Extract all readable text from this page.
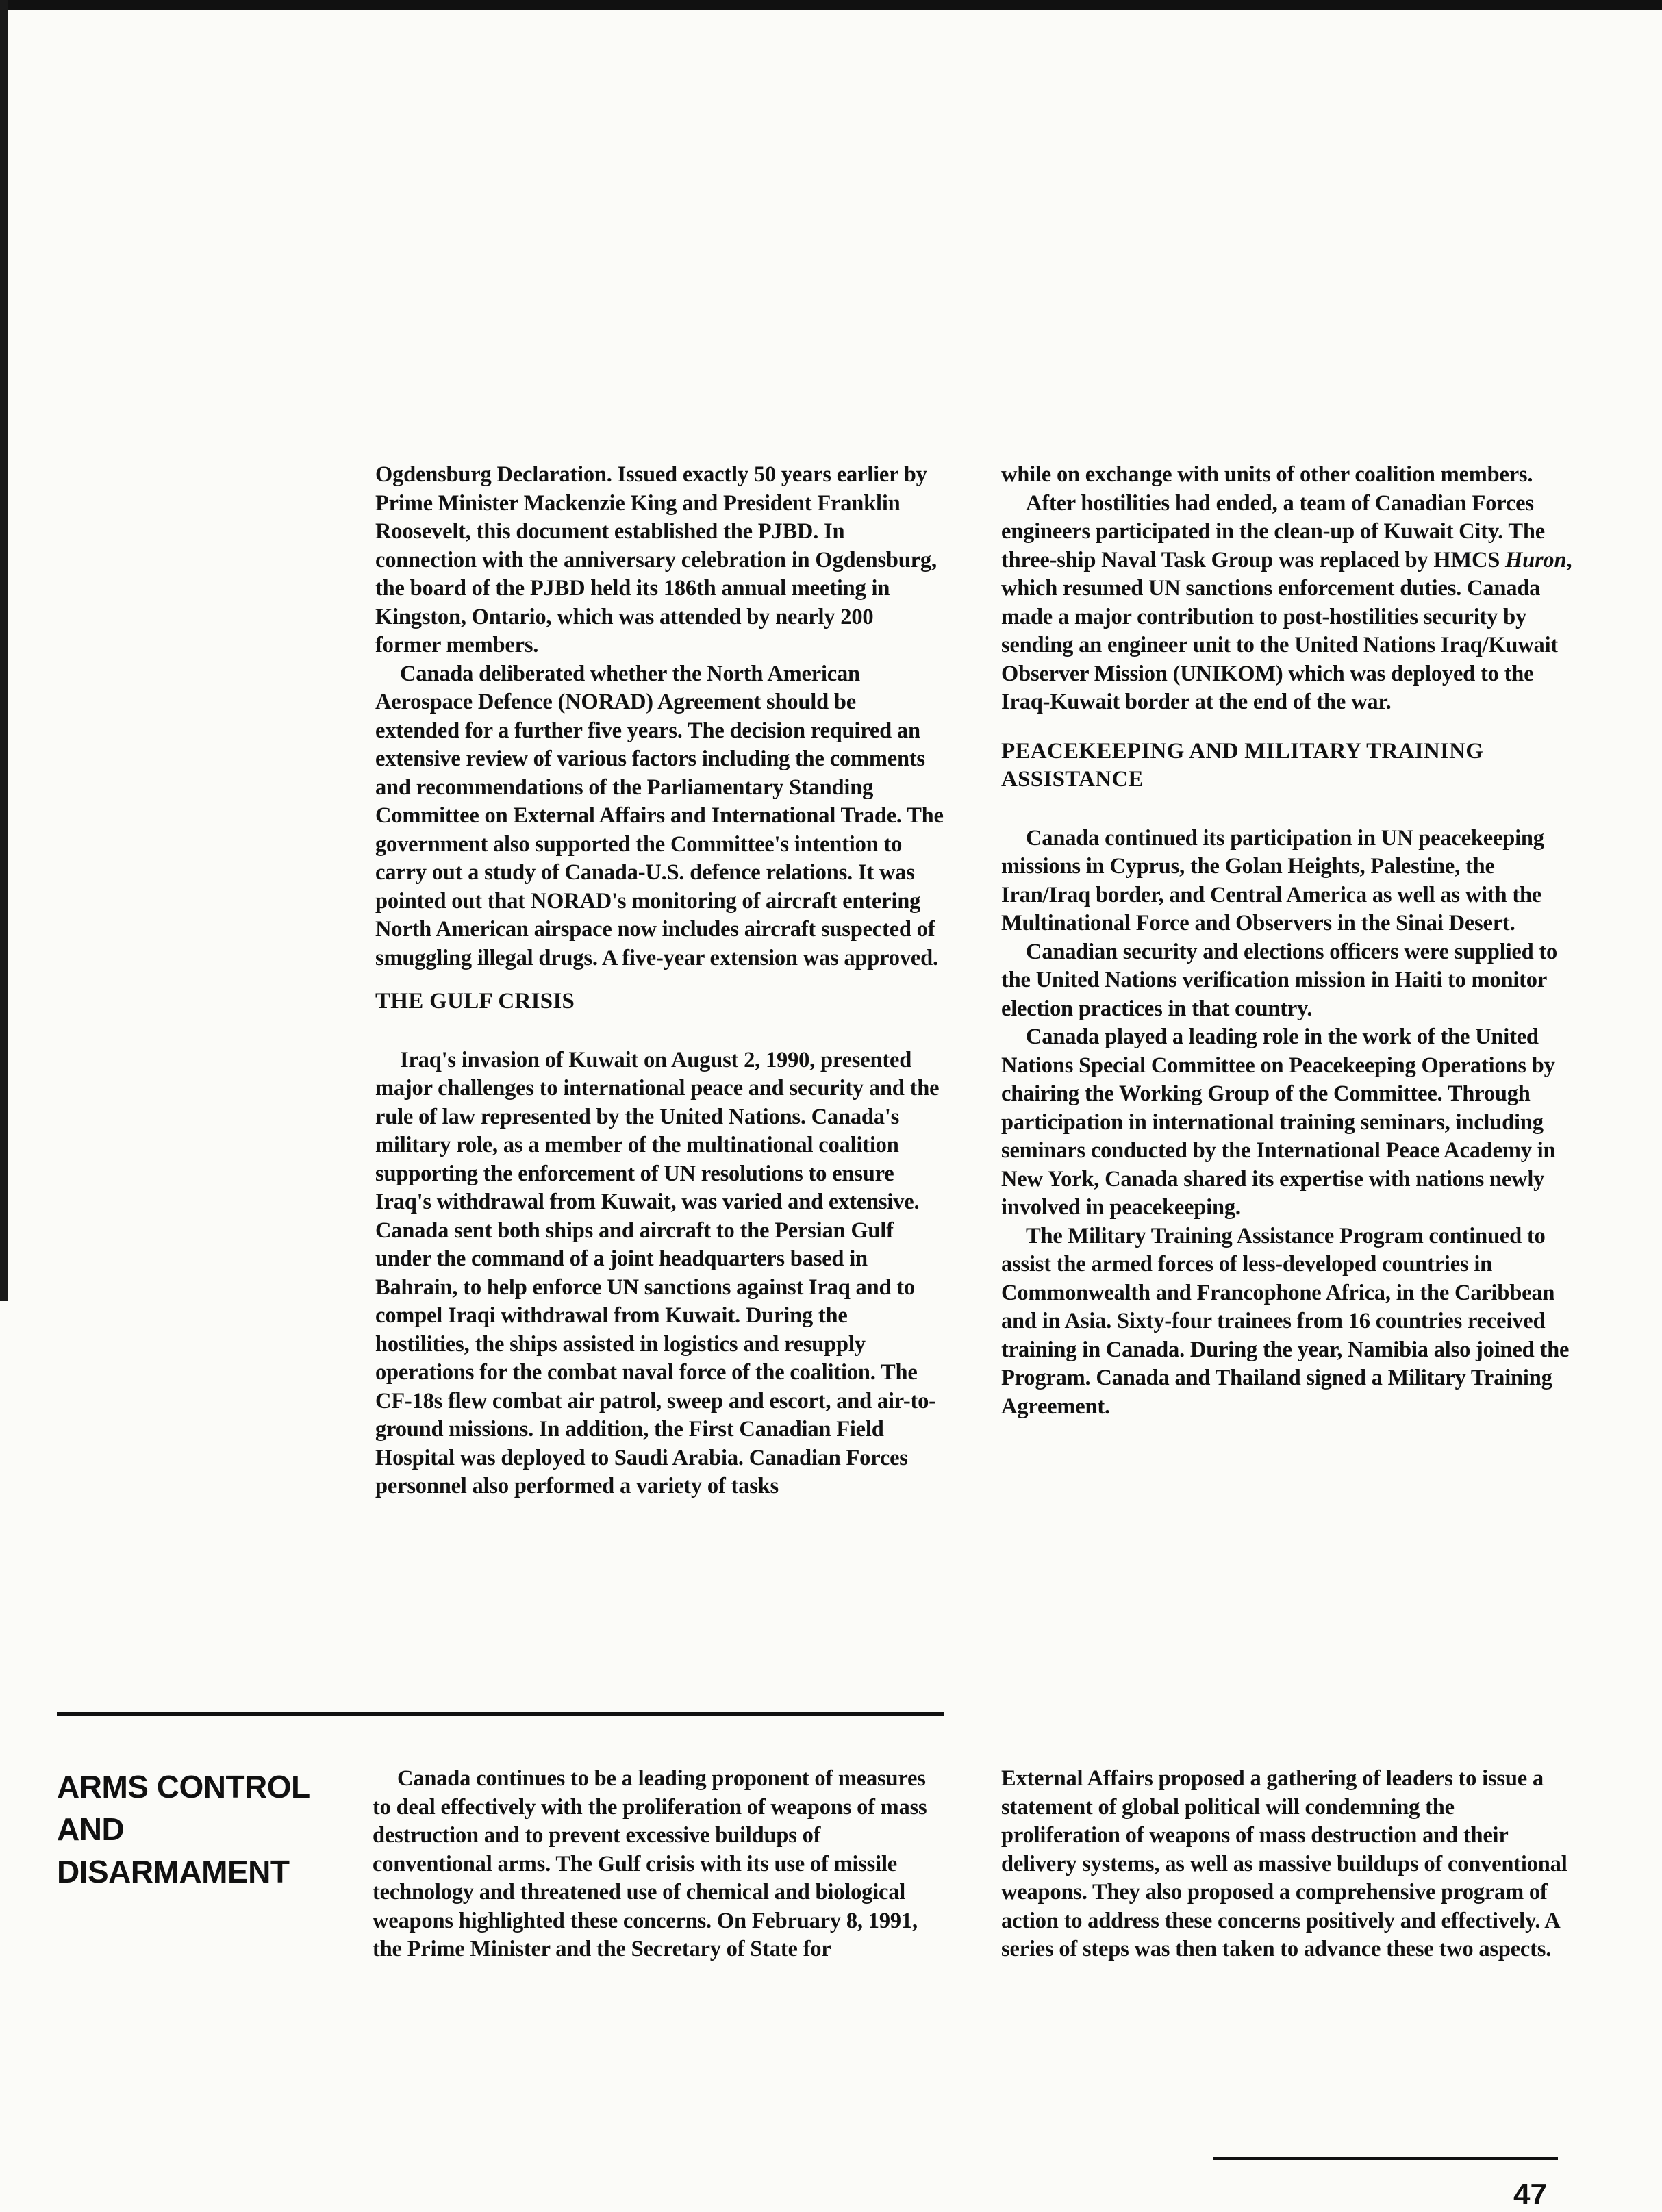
Ogdensburg Declaration. Issued exactly 50 years earlier by Prime Minister Mackenzie King and President Franklin Roosevelt, this document established the PJBD. In connection with the anniversary celebration in Ogdensburg, the board of the PJBD held its 186th annual meeting in Kingston, Ontario, which was attended by nearly 200 former members.

Canada deliberated whether the North American Aerospace Defence (NORAD) Agreement should be extended for a further five years. The decision required an extensive review of various factors including the comments and recommendations of the Parliamentary Standing Committee on External Affairs and International Trade. The government also supported the Committee's intention to carry out a study of Canada-U.S. defence relations. It was pointed out that NORAD's monitoring of aircraft entering North American airspace now includes aircraft suspected of smuggling illegal drugs. A five-year extension was approved.

THE GULF CRISIS

Iraq's invasion of Kuwait on August 2, 1990, presented major challenges to international peace and security and the rule of law represented by the United Nations. Canada's military role, as a member of the multinational coalition supporting the enforcement of UN resolutions to ensure Iraq's withdrawal from Kuwait, was varied and extensive. Canada sent both ships and aircraft to the Persian Gulf under the command of a joint headquarters based in Bahrain, to help enforce UN sanctions against Iraq and to compel Iraqi withdrawal from Kuwait. During the hostilities, the ships assisted in logistics and resupply operations for the combat naval force of the coalition. The CF-18s flew combat air patrol, sweep and escort, and air-to-ground missions. In addition, the First Canadian Field Hospital was deployed to Saudi Arabia. Canadian Forces personnel also performed a variety of tasks

while on exchange with units of other coalition members.

After hostilities had ended, a team of Canadian Forces engineers participated in the clean-up of Kuwait City. The three-ship Naval Task Group was replaced by HMCS Huron, which resumed UN sanctions enforcement duties. Canada made a major contribution to post-hostilities security by sending an engineer unit to the United Nations Iraq/Kuwait Observer Mission (UNIKOM) which was deployed to the Iraq-Kuwait border at the end of the war.

PEACEKEEPING AND MILITARY TRAINING ASSISTANCE

Canada continued its participation in UN peacekeeping missions in Cyprus, the Golan Heights, Palestine, the Iran/Iraq border, and Central America as well as with the Multinational Force and Observers in the Sinai Desert.

Canadian security and elections officers were supplied to the United Nations verification mission in Haiti to monitor election practices in that country.

Canada played a leading role in the work of the United Nations Special Committee on Peacekeeping Operations by chairing the Working Group of the Committee. Through participation in international training seminars, including seminars conducted by the International Peace Academy in New York, Canada shared its expertise with nations newly involved in peacekeeping.

The Military Training Assistance Program continued to assist the armed forces of less-developed countries in Commonwealth and Francophone Africa, in the Caribbean and in Asia. Sixty-four trainees from 16 countries received training in Canada. During the year, Namibia also joined the Program. Canada and Thailand signed a Military Training Agreement.

ARMS CONTROL
AND
DISARMAMENT

Canada continues to be a leading proponent of measures to deal effectively with the proliferation of weapons of mass destruction and to prevent excessive buildups of conventional arms. The Gulf crisis with its use of missile technology and threatened use of chemical and biological weapons highlighted these concerns. On February 8, 1991, the Prime Minister and the Secretary of State for

External Affairs proposed a gathering of leaders to issue a statement of global political will condemning the proliferation of weapons of mass destruction and their delivery systems, as well as massive buildups of conventional weapons. They also proposed a comprehensive program of action to address these concerns positively and effectively. A series of steps was then taken to advance these two aspects.

47
